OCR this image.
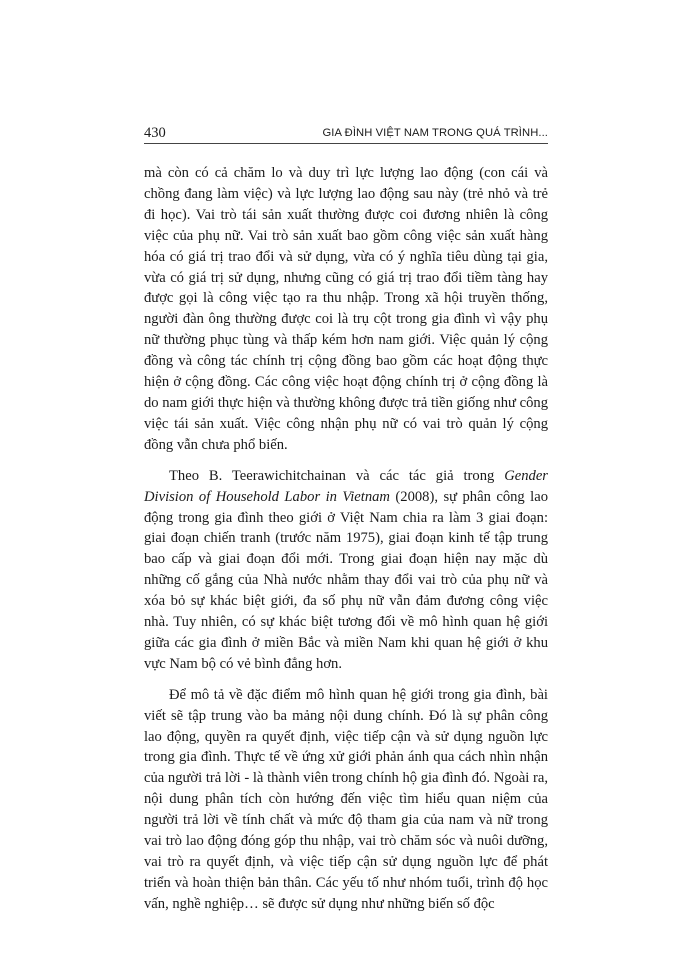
430	GIA ĐÌNH VIỆT NAM TRONG QUÁ TRÌNH...

mà còn có cả chăm lo và duy trì lực lượng lao động (con cái và chồng đang làm việc) và lực lượng lao động sau này (trẻ nhỏ và trẻ đi học). Vai trò tái sản xuất thường được coi đương nhiên là công việc của phụ nữ. Vai trò sản xuất bao gồm công việc sản xuất hàng hóa có giá trị trao đổi và sử dụng, vừa có ý nghĩa tiêu dùng tại gia, vừa có giá trị sử dụng, nhưng cũng có giá trị trao đổi tiềm tàng hay được gọi là công việc tạo ra thu nhập. Trong xã hội truyền thống, người đàn ông thường được coi là trụ cột trong gia đình vì vậy phụ nữ thường phục tùng và thấp kém hơn nam giới. Việc quản lý cộng đồng và công tác chính trị cộng đồng bao gồm các hoạt động thực hiện ở cộng đồng. Các công việc hoạt động chính trị ở cộng đồng là do nam giới thực hiện và thường không được trả tiền giống như công việc tái sản xuất. Việc công nhận phụ nữ có vai trò quản lý cộng đồng vẫn chưa phổ biến.

Theo B. Teerawichitchainan và các tác giả trong Gender Division of Household Labor in Vietnam (2008), sự phân công lao động trong gia đình theo giới ở Việt Nam chia ra làm 3 giai đoạn: giai đoạn chiến tranh (trước năm 1975), giai đoạn kinh tế tập trung bao cấp và giai đoạn đổi mới. Trong giai đoạn hiện nay mặc dù những cố gắng của Nhà nước nhằm thay đổi vai trò của phụ nữ và xóa bỏ sự khác biệt giới, đa số phụ nữ vẫn đảm đương công việc nhà. Tuy nhiên, có sự khác biệt tương đối về mô hình quan hệ giới giữa các gia đình ở miền Bắc và miền Nam khi quan hệ giới ở khu vực Nam bộ có vẻ bình đẳng hơn.

Để mô tả về đặc điểm mô hình quan hệ giới trong gia đình, bài viết sẽ tập trung vào ba mảng nội dung chính. Đó là sự phân công lao động, quyền ra quyết định, việc tiếp cận và sử dụng nguồn lực trong gia đình. Thực tế về ứng xử giới phản ánh qua cách nhìn nhận của người trả lời - là thành viên trong chính hộ gia đình đó. Ngoài ra, nội dung phân tích còn hướng đến việc tìm hiểu quan niệm của người trả lời về tính chất và mức độ tham gia của nam và nữ trong vai trò lao động đóng góp thu nhập, vai trò chăm sóc và nuôi dưỡng, vai trò ra quyết định, và việc tiếp cận sử dụng nguồn lực để phát triển và hoàn thiện bản thân. Các yếu tố như nhóm tuổi, trình độ học vấn, nghề nghiệp… sẽ được sử dụng như những biến số độc
